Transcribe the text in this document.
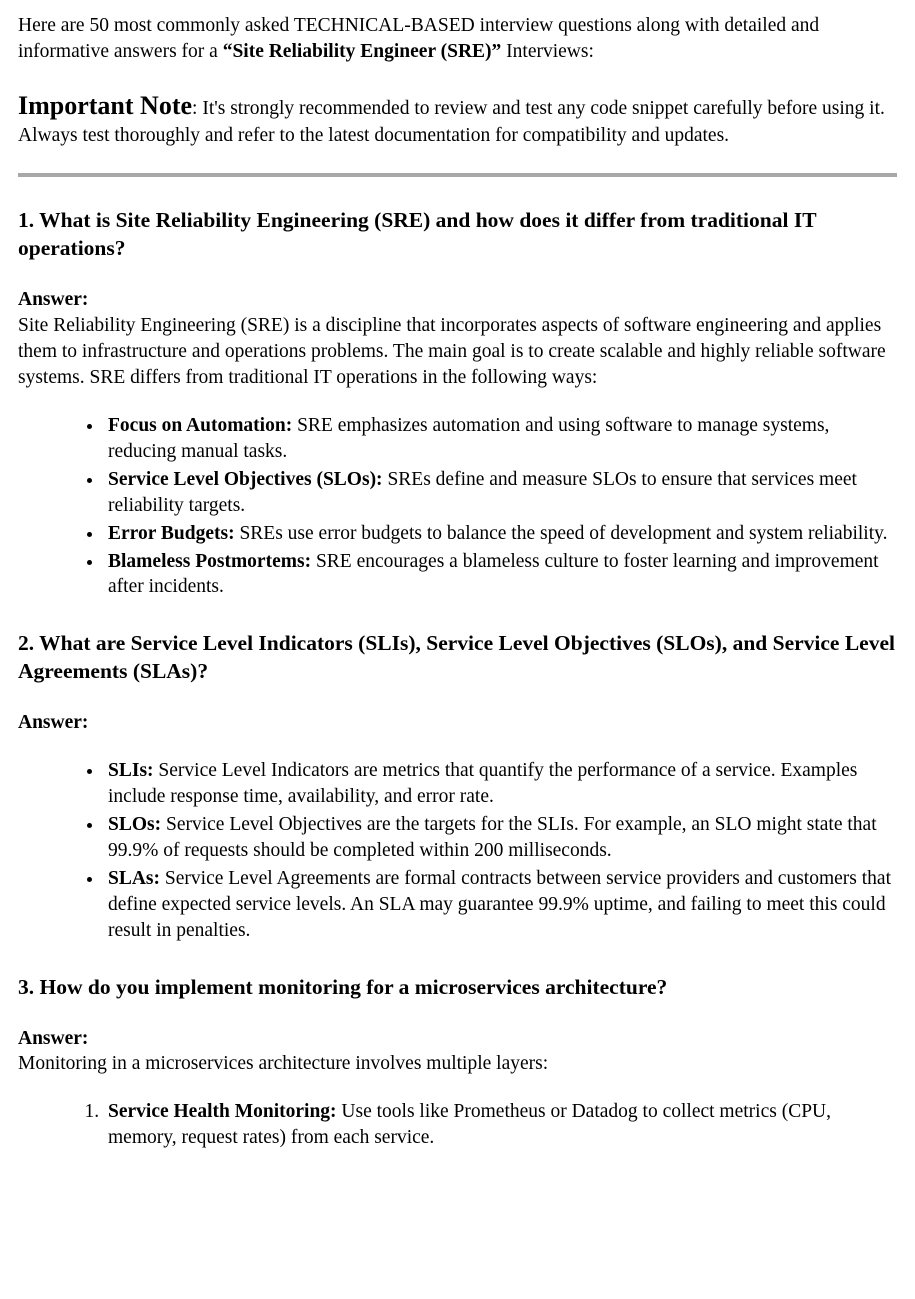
Here are 50 most commonly asked TECHNICAL-BASED interview questions along with detailed and informative answers for a “Site Reliability Engineer (SRE)” Interviews:

Important Note: It's strongly recommended to review and test any code snippet carefully before using it. Always test thoroughly and refer to the latest documentation for compatibility and updates.

1. What is Site Reliability Engineering (SRE) and how does it differ from traditional IT operations?
Answer:

Site Reliability Engineering (SRE) is a discipline that incorporates aspects of software engineering and applies them to infrastructure and operations problems. The main goal is to create scalable and highly reliable software systems. SRE differs from traditional IT operations in the following ways:

• Focus on Automation: SRE emphasizes automation and using software to manage systems, reducing manual tasks.
• Service Level Objectives (SLOs): SREs define and measure SLOs to ensure that services meet reliability targets.
• Error Budgets: SREs use error budgets to balance the speed of development and system reliability.
• Blameless Postmortems: SRE encourages a blameless culture to foster learning and improvement after incidents.
2. What are Service Level Indicators (SLIs), Service Level Objectives (SLOs), and Service Level Agreements (SLAs)?
Answer:
• SLIs: Service Level Indicators are metrics that quantify the performance of a service. Examples include response time, availability, and error rate.
• SLOs: Service Level Objectives are the targets for the SLIs. For example, an SLO might state that 99.9% of requests should be completed within 200 milliseconds.
• SLAs: Service Level Agreements are formal contracts between service providers and customers that define expected service levels. An SLA may guarantee 99.9% uptime, and failing to meet this could result in penalties.
3. How do you implement monitoring for a microservices architecture?
Answer:

Monitoring in a microservices architecture involves multiple layers:

1. Service Health Monitoring: Use tools like Prometheus or Datadog to collect metrics (CPU, memory, request rates) from each service.
